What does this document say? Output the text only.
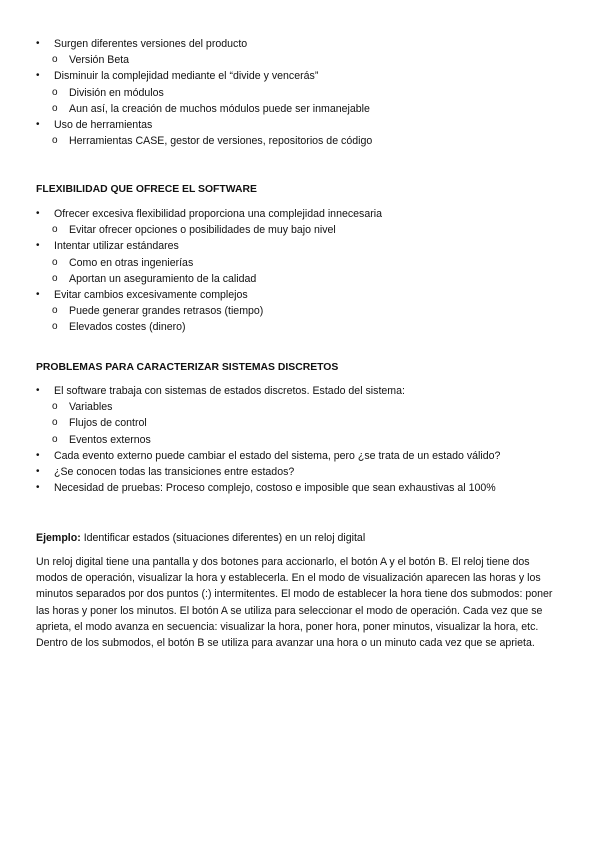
• Surgen diferentes versiones del producto
o Versión Beta
• Disminuir la complejidad mediante el “divide y vencerás”
o División en módulos
o Aun así, la creación de muchos módulos puede ser inmanejable
• Uso de herramientas
o Herramientas CASE, gestor de versiones, repositorios de código
FLEXIBILIDAD QUE OFRECE EL SOFTWARE
• Ofrecer excesiva flexibilidad proporciona una complejidad innecesaria
o Evitar ofrecer opciones o posibilidades de muy bajo nivel
• Intentar utilizar estándares
o Como en otras ingenierías
o Aportan un aseguramiento de la calidad
• Evitar cambios excesivamente complejos
o Puede generar grandes retrasos (tiempo)
o Elevados costes (dinero)
PROBLEMAS PARA CARACTERIZAR SISTEMAS DISCRETOS
• El software trabaja con sistemas de estados discretos. Estado del sistema:
o Variables
o Flujos de control
o Eventos externos
• Cada evento externo puede cambiar el estado del sistema, pero ¿se trata de un estado válido?
• ¿Se conocen todas las transiciones entre estados?
• Necesidad de pruebas: Proceso complejo, costoso e imposible que sean exhaustivas al 100%
Ejemplo: Identificar estados (situaciones diferentes) en un reloj digital

Un reloj digital tiene una pantalla y dos botones para accionarlo, el botón A y el botón B. El reloj tiene dos modos de operación, visualizar la hora y establecerla. En el modo de visualización aparecen las horas y los minutos separados por dos puntos (:) intermitentes. El modo de establecer la hora tiene dos submodos: poner las horas y poner los minutos. El botón A se utiliza para seleccionar el modo de operación. Cada vez que se aprieta, el modo avanza en secuencia: visualizar la hora, poner hora, poner minutos, visualizar la hora, etc. Dentro de los submodos, el botón B se utiliza para avanzar una hora o un minuto cada vez que se aprieta.
